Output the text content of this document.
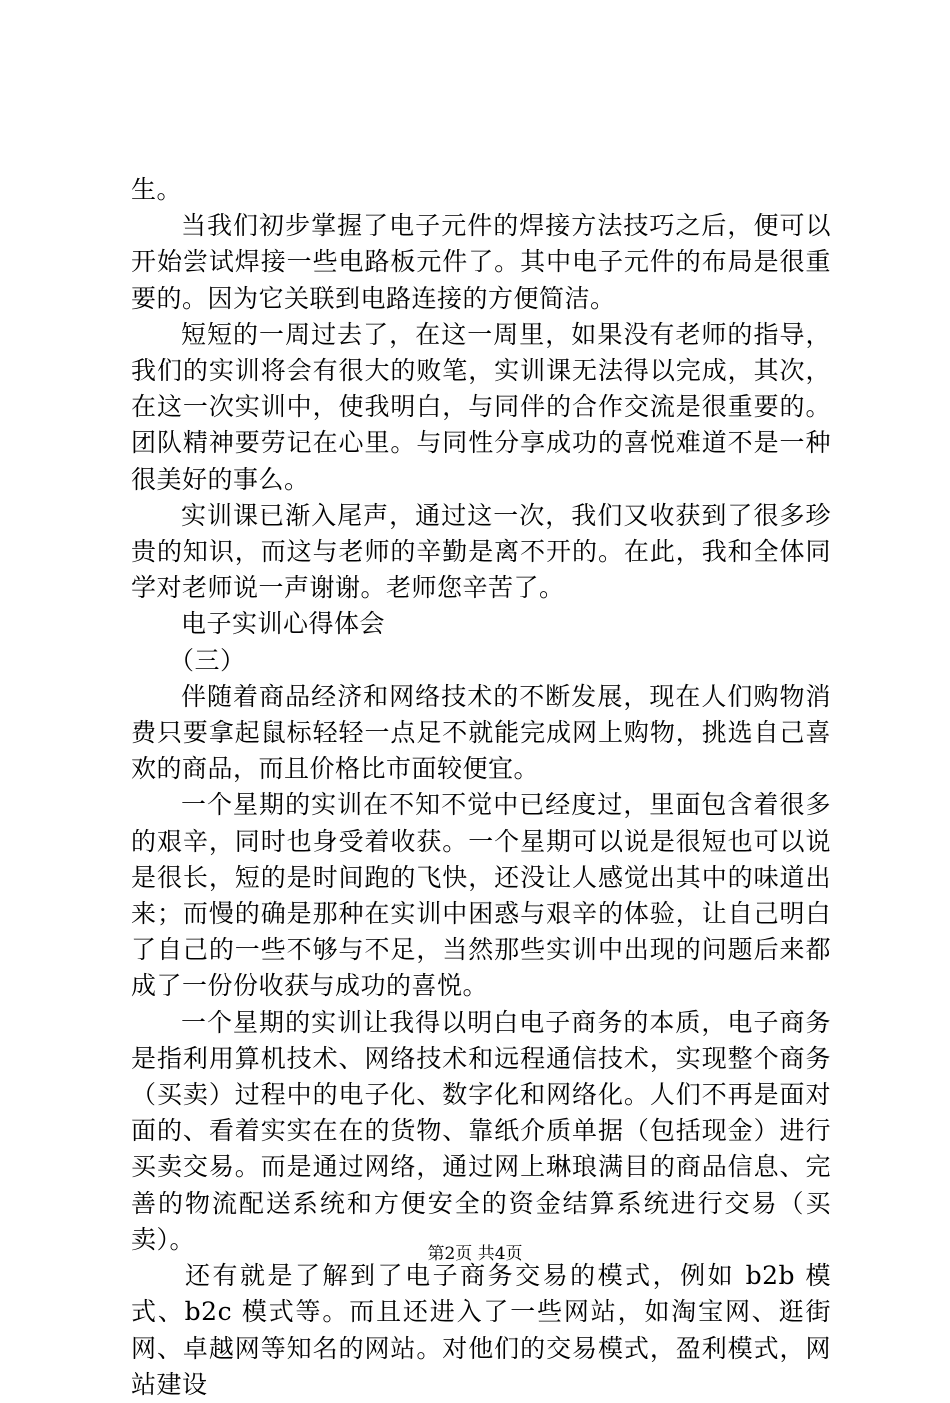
生。

当我们初步掌握了电子元件的焊接方法技巧之后，便可以开始尝试焊接一些电路板元件了。其中电子元件的布局是很重要的。因为它关联到电路连接的方便简洁。

短短的一周过去了，在这一周里，如果没有老师的指导，我们的实训将会有很大的败笔，实训课无法得以完成，其次，在这一次实训中，使我明白，与同伴的合作交流是很重要的。团队精神要劳记在心里。与同性分享成功的喜悦难道不是一种很美好的事么。

实训课已渐入尾声，通过这一次，我们又收获到了很多珍贵的知识，而这与老师的辛勤是离不开的。在此，我和全体同学对老师说一声谢谢。老师您辛苦了。

电子实训心得体会

（三）

伴随着商品经济和网络技术的不断发展，现在人们购物消费只要拿起鼠标轻轻一点足不就能完成网上购物，挑选自己喜欢的商品，而且价格比市面较便宜。

一个星期的实训在不知不觉中已经度过，里面包含着很多的艰辛，同时也身受着收获。一个星期可以说是很短也可以说是很长，短的是时间跑的飞快，还没让人感觉出其中的味道出来；而慢的确是那种在实训中困惑与艰辛的体验，让自己明白了自己的一些不够与不足，当然那些实训中出现的问题后来都成了一份份收获与成功的喜悦。

一个星期的实训让我得以明白电子商务的本质，电子商务是指利用算机技术、网络技术和远程通信技术，实现整个商务（买卖）过程中的电子化、数字化和网络化。人们不再是面对面的、看着实实在在的货物、靠纸介质单据（包括现金）进行买卖交易。而是通过网络，通过网上琳琅满目的商品信息、完善的物流配送系统和方便安全的资金结算系统进行交易（买卖）。

还有就是了解到了电子商务交易的模式，例如 b2b 模式、b2c 模式等。而且还进入了一些网站，如淘宝网、逛街网、卓越网等知名的网站。对他们的交易模式，盈利模式，网站建设

第2页 共4页
